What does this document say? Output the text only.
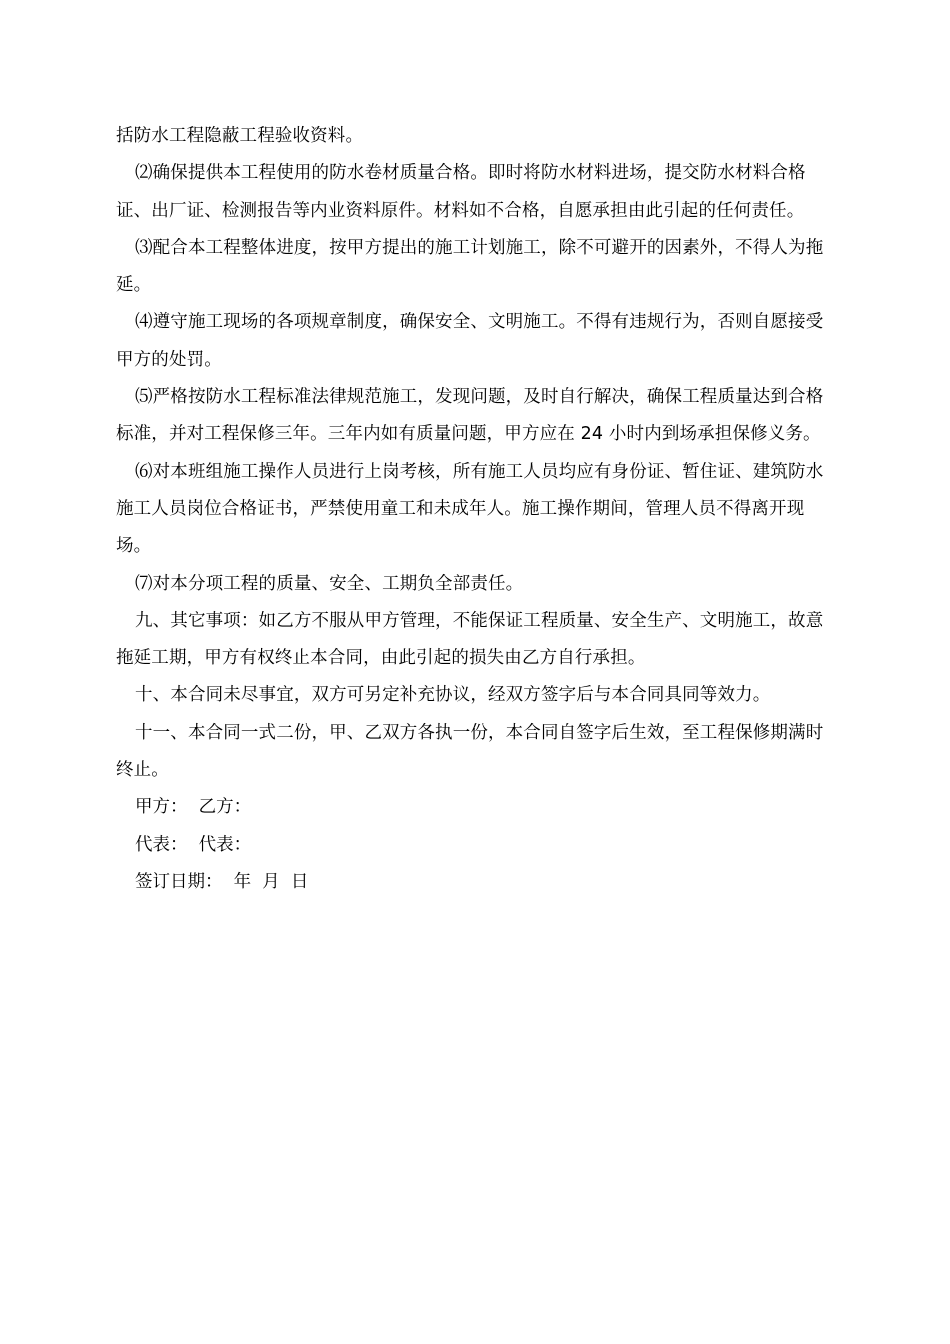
括防水工程隐蔽工程验收资料。

⑵确保提供本工程使用的防水卷材质量合格。即时将防水材料进场，提交防水材料合格证、出厂证、检测报告等内业资料原件。材料如不合格，自愿承担由此引起的任何责任。

⑶配合本工程整体进度，按甲方提出的施工计划施工，除不可避开的因素外，不得人为拖延。

⑷遵守施工现场的各项规章制度，确保安全、文明施工。不得有违规行为，否则自愿接受甲方的处罚。

⑸严格按防水工程标准法律规范施工，发现问题，及时自行解决，确保工程质量达到合格标准，并对工程保修三年。三年内如有质量问题，甲方应在 24 小时内到场承担保修义务。

⑹对本班组施工操作人员进行上岗考核，所有施工人员均应有身份证、暂住证、建筑防水施工人员岗位合格证书，严禁使用童工和未成年人。施工操作期间，管理人员不得离开现场。

⑺对本分项工程的质量、安全、工期负全部责任。

九、其它事项：如乙方不服从甲方管理，不能保证工程质量、安全生产、文明施工，故意拖延工期，甲方有权终止本合同，由此引起的损失由乙方自行承担。

十、本合同未尽事宜，双方可另定补充协议，经双方签字后与本合同具同等效力。

十一、本合同一式二份，甲、乙双方各执一份，本合同自签字后生效，至工程保修期满时终止。

甲方：  乙方：

代表：  代表：

签订日期：  年  月  日
